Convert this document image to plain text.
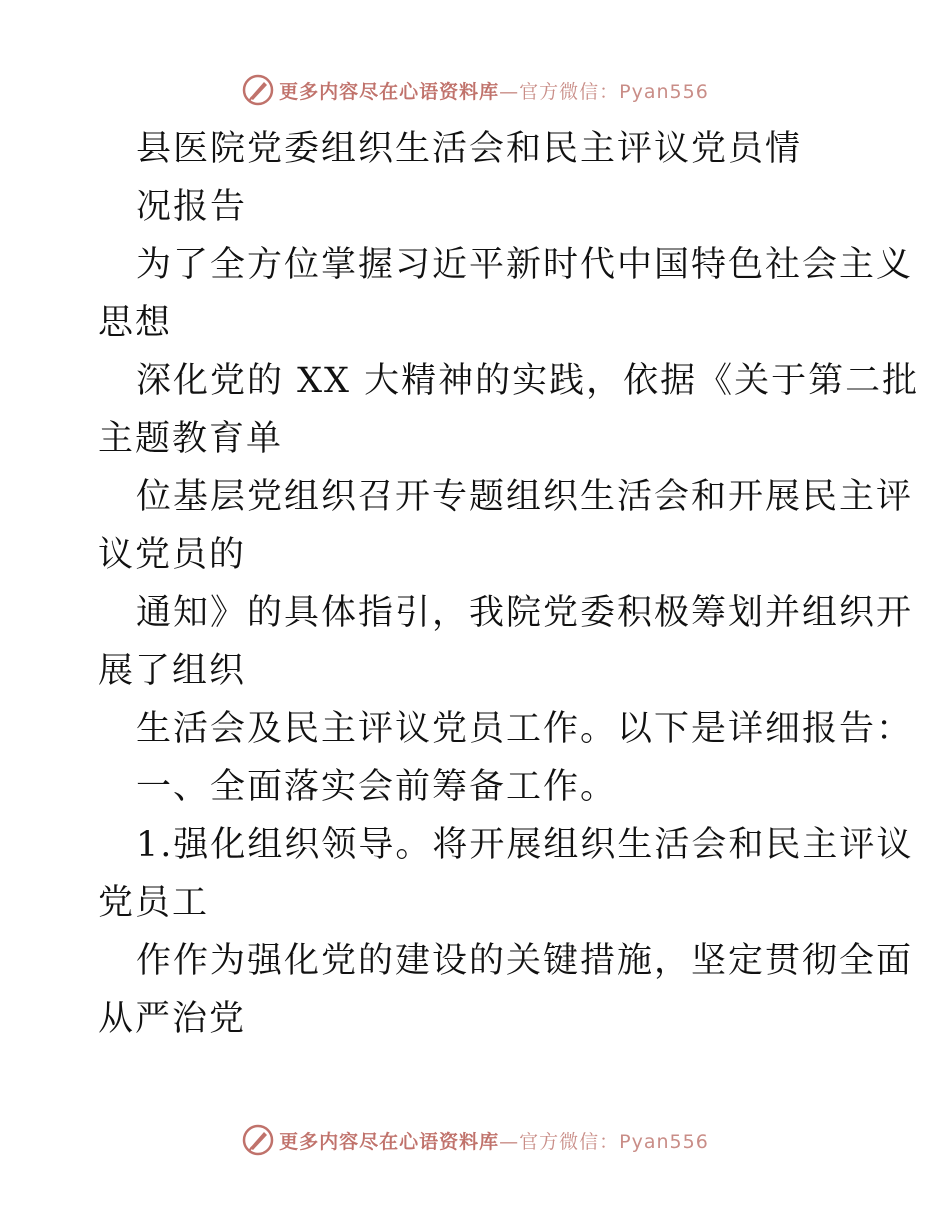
更多内容尽在心语资料库—官方微信：Pyan556
县医院党委组织生活会和民主评议党员情
况报告
为了全方位掌握习近平新时代中国特色社会主义
思想
深化党的 XX 大精神的实践，依据《关于第二批
主题教育单
位基层党组织召开专题组织生活会和开展民主评
议党员的
通知》的具体指引，我院党委积极筹划并组织开
展了组织
生活会及民主评议党员工作。以下是详细报告：
一、全面落实会前筹备工作。
1.强化组织领导。将开展组织生活会和民主评议
党员工
作作为强化党的建设的关键措施，坚定贯彻全面
从严治党
更多内容尽在心语资料库—官方微信：Pyan556
